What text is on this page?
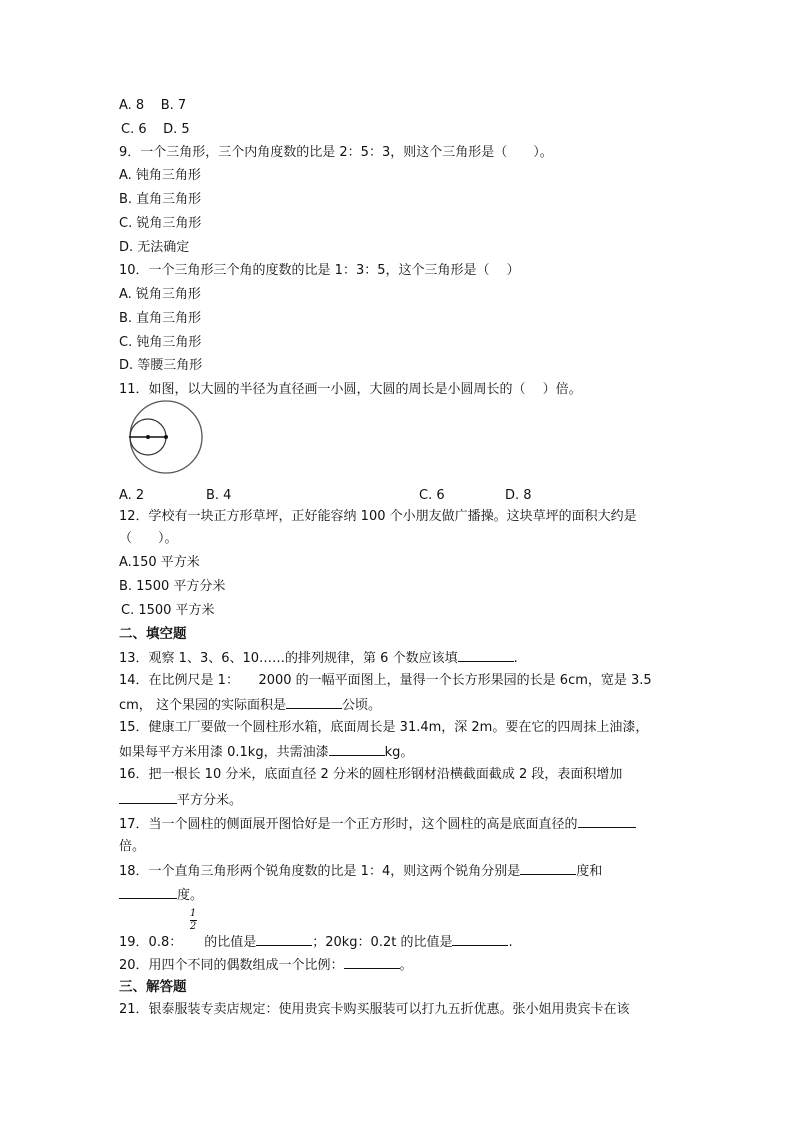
A. 8 B. 7
C. 6 D. 5
9．一个三角形，三个内角度数的比是 2：5：3，则这个三角形是（　　）。
A. 钝角三角形
B. 直角三角形
C. 锐角三角形
D. 无法确定
10．一个三角形三个角的度数的比是 1：3：5，这个三角形是（　 ）
A. 锐角三角形
B. 直角三角形
C. 钝角三角形
D. 等腰三角形
11．如图，以大圆的半径为直径画一小圆，大圆的周长是小圆周长的（　 ）倍。
A. 2	B. 4	C. 6	D. 8
12．学校有一块正方形草坪，正好能容纳 100 个小朋友做广播操。这块草坪的面积大约是
（　　）。
A.150 平方米
B. 1500 平方分米
C. 1500 平方米
二、填空题
13．观察 1、3、6、10……的排列规律，第 6 个数应该填	.
14．在比例尺是 1：　　2000 的一幅平面图上，量得一个长方形果园的长是 6cm，宽是 3.5
cm， 这个果园的实际面积是	公顷。
15．健康工厂要做一个圆柱形水箱，底面周长是 31.4m，深 2m。要在它的四周抹上油漆，
如果每平方米用漆 0.1kg，共需油漆	kg。
16．把一根长 10 分米，底面直径 2 分米的圆柱形钢材沿横截面截成 2 段，表面积增加
平方分米。
17．当一个圆柱的侧面展开图恰好是一个正方形时，这个圆柱的高是底面直径的
倍。
18．一个直角三角形两个锐角度数的比是 1：4，则这两个锐角分别是	度和
度。
1
2
19．0.8： 的比值是	；20kg：0.2t 的比值是	.
20．用四个不同的偶数组成一个比例：	。
三、解答题
21．银泰服装专卖店规定：使用贵宾卡购买服装可以打九五折优惠。张小姐用贵宾卡在该
